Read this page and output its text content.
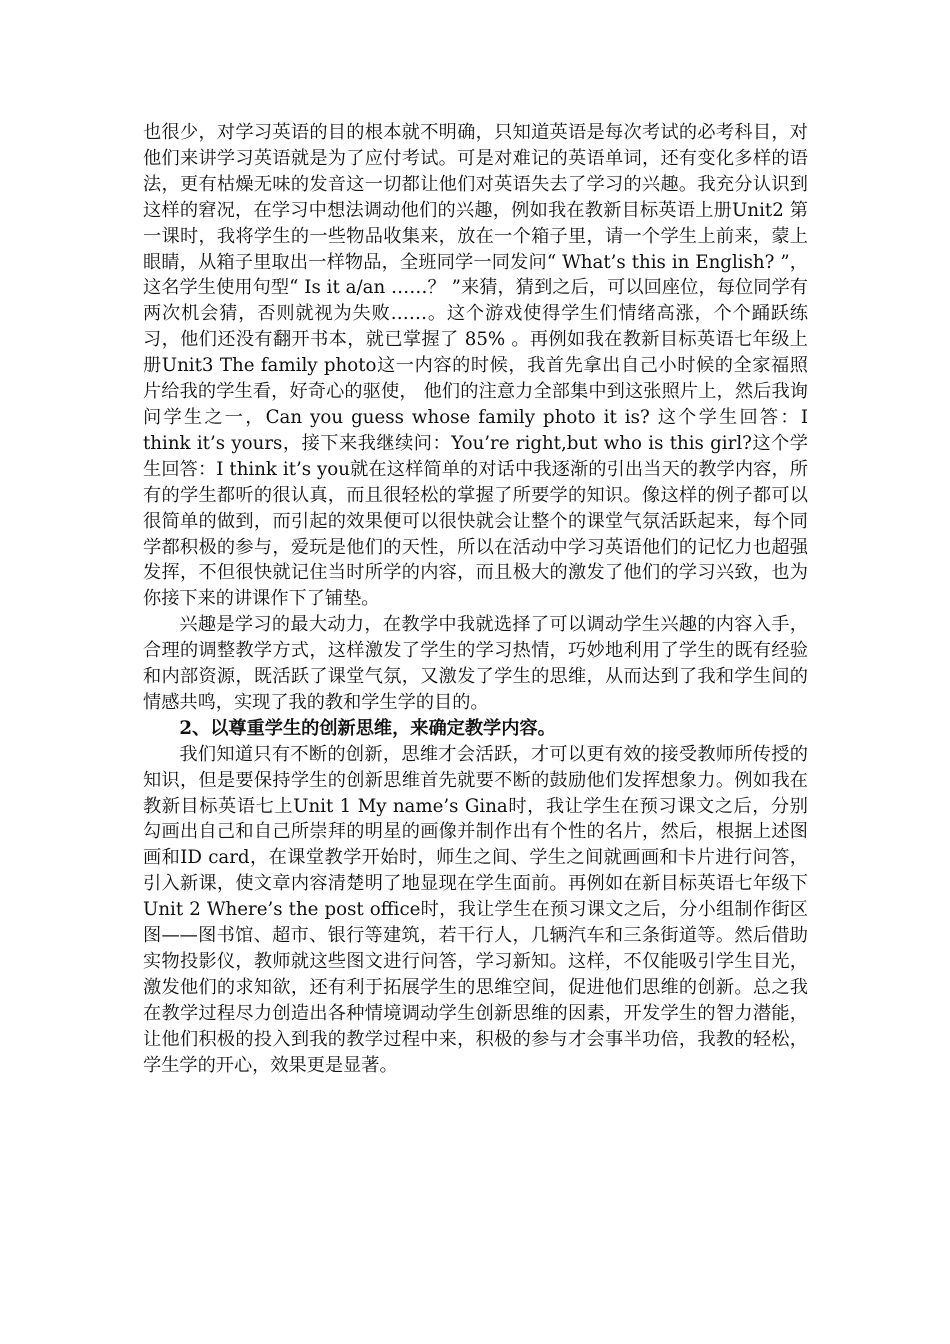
也很少，对学习英语的目的根本就不明确，只知道英语是每次考试的必考科目，对他们来讲学习英语就是为了应付考试。可是对难记的英语单词，还有变化多样的语法，更有枯燥无味的发音这一切都让他们对英语失去了学习的兴趣。我充分认识到这样的窘况，在学习中想法调动他们的兴趣，例如我在教新目标英语上册Unit2 第一课时，我将学生的一些物品收集来，放在一个箱子里，请一个学生上前来，蒙上眼睛，从箱子里取出一样物品，全班同学一同发问“ What’s this in English? ”，这名学生使用句型“ Is it a/an ……？ ”来猜，猜到之后，可以回座位，每位同学有两次机会猜，否则就视为失败……。这个游戏使得学生们情绪高涨，个个踊跃练习，他们还没有翻开书本，就已掌握了 85% 。再例如我在教新目标英语七年级上册Unit3 The family photo这一内容的时候，我首先拿出自己小时候的全家福照片给我的学生看，好奇心的驱使， 他们的注意力全部集中到这张照片上，然后我询问学生之一，Can you guess whose family photo it is? 这个学生回答：I think it’s yours，接下来我继续问：You’re right,but who is this girl?这个学生回答：I think it’s you就在这样简单的对话中我逐渐的引出当天的教学内容，所有的学生都听的很认真，而且很轻松的掌握了所要学的知识。像这样的例子都可以很简单的做到，而引起的效果便可以很快就会让整个的课堂气氛活跃起来，每个同学都积极的参与，爱玩是他们的天性，所以在活动中学习英语他们的记忆力也超强发挥，不但很快就记住当时所学的内容，而且极大的激发了他们的学习兴致，也为你接下来的讲课作下了铺垫。

兴趣是学习的最大动力，在教学中我就选择了可以调动学生兴趣的内容入手，合理的调整教学方式，这样激发了学生的学习热情，巧妙地利用了学生的既有经验和内部资源，既活跃了课堂气氛，又激发了学生的思维，从而达到了我和学生间的情感共鸣，实现了我的教和学生学的目的。

2、以尊重学生的创新思维，来确定教学内容。

我们知道只有不断的创新，思维才会活跃，才可以更有效的接受教师所传授的知识，但是要保持学生的创新思维首先就要不断的鼓励他们发挥想象力。例如我在教新目标英语七上Unit 1 My name’s Gina时，我让学生在预习课文之后，分别勾画出自己和自己所崇拜的明星的画像并制作出有个性的名片，然后，根据上述图画和ID card，在课堂教学开始时，师生之间、学生之间就画画和卡片进行问答，引入新课，使文章内容清楚明了地显现在学生面前。再例如在新目标英语七年级下Unit 2 Where’s the post office时，我让学生在预习课文之后，分小组制作街区图——图书馆、超市、银行等建筑，若干行人，几辆汽车和三条街道等。然后借助实物投影仪，教师就这些图文进行问答，学习新知。这样，不仅能吸引学生目光，激发他们的求知欲，还有利于拓展学生的思维空间，促进他们思维的创新。总之我在教学过程尽力创造出各种情境调动学生创新思维的因素，开发学生的智力潜能，让他们积极的投入到我的教学过程中来，积极的参与才会事半功倍，我教的轻松，学生学的开心，效果更是显著。
